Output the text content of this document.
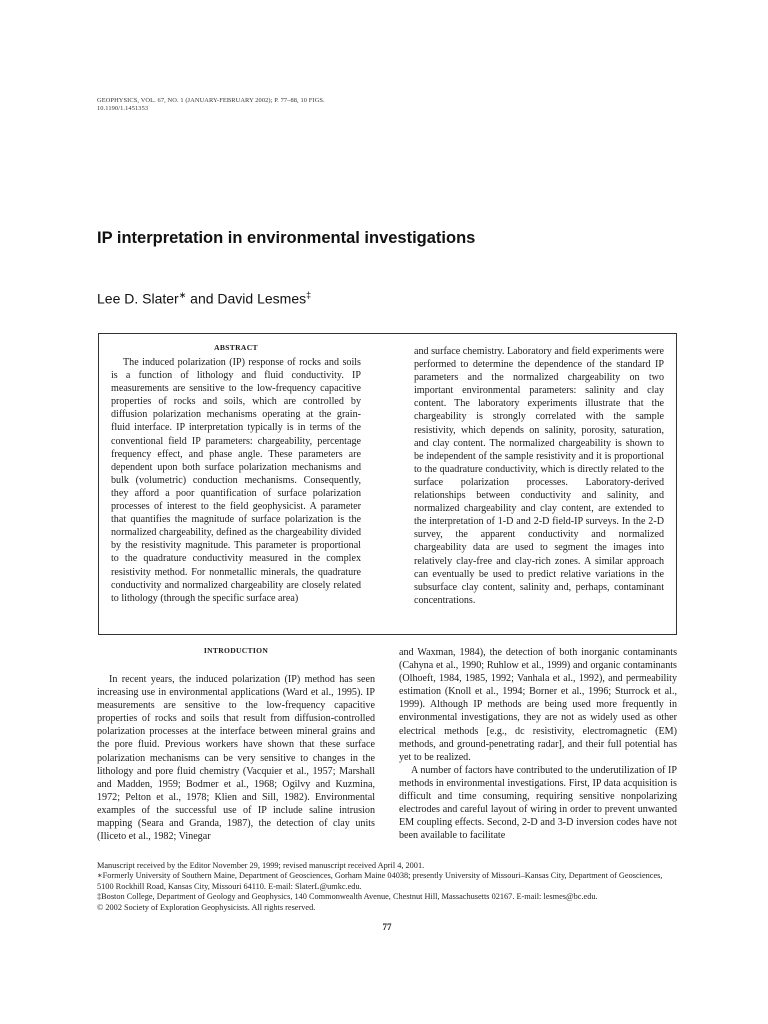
GEOPHYSICS, VOL. 67, NO. 1 (JANUARY-FEBRUARY 2002); P. 77–88, 10 FIGS.
10.1190/1.1451353
IP interpretation in environmental investigations
Lee D. Slater∗ and David Lesmes‡
ABSTRACT

The induced polarization (IP) response of rocks and soils is a function of lithology and fluid conductivity. IP measurements are sensitive to the low-frequency capacitive properties of rocks and soils, which are controlled by diffusion polarization mechanisms operating at the grain-fluid interface. IP interpretation typically is in terms of the conventional field IP parameters: chargeability, percentage frequency effect, and phase angle. These parameters are dependent upon both surface polarization mechanisms and bulk (volumetric) conduction mechanisms. Consequently, they afford a poor quantification of surface polarization processes of interest to the field geophysicist. A parameter that quantifies the magnitude of surface polarization is the normalized chargeability, defined as the chargeability divided by the resistivity magnitude. This parameter is proportional to the quadrature conductivity measured in the complex resistivity method. For nonmetallic minerals, the quadrature conductivity and normalized chargeability are closely related to lithology (through the specific surface area)

and surface chemistry. Laboratory and field experiments were performed to determine the dependence of the standard IP parameters and the normalized chargeability on two important environmental parameters: salinity and clay content. The laboratory experiments illustrate that the chargeability is strongly correlated with the sample resistivity, which depends on salinity, porosity, saturation, and clay content. The normalized chargeability is shown to be independent of the sample resistivity and it is proportional to the quadrature conductivity, which is directly related to the surface polarization processes. Laboratory-derived relationships between conductivity and salinity, and normalized chargeability and clay content, are extended to the interpretation of 1-D and 2-D field-IP surveys. In the 2-D survey, the apparent conductivity and normalized chargeability data are used to segment the images into relatively clay-free and clay-rich zones. A similar approach can eventually be used to predict relative variations in the subsurface clay content, salinity and, perhaps, contaminant concentrations.

INTRODUCTION

In recent years, the induced polarization (IP) method has seen increasing use in environmental applications (Ward et al., 1995). IP measurements are sensitive to the low-frequency capacitive properties of rocks and soils that result from diffusion-controlled polarization processes at the interface between mineral grains and the pore fluid. Previous workers have shown that these surface polarization mechanisms can be very sensitive to changes in the lithology and pore fluid chemistry (Vacquier et al., 1957; Marshall and Madden, 1959; Bodmer et al., 1968; Ogilvy and Kuzmina, 1972; Pelton et al., 1978; Klien and Sill, 1982). Environmental examples of the successful use of IP include saline intrusion mapping (Seara and Granda, 1987), the detection of clay units (Iliceto et al., 1982; Vinegar

and Waxman, 1984), the detection of both inorganic contaminants (Cahyna et al., 1990; Ruhlow et al., 1999) and organic contaminants (Olhoeft, 1984, 1985, 1992; Vanhala et al., 1992), and permeability estimation (Knoll et al., 1994; Borner et al., 1996; Sturrock et al., 1999). Although IP methods are being used more frequently in environmental investigations, they are not as widely used as other electrical methods [e.g., dc resistivity, electromagnetic (EM) methods, and ground-penetrating radar], and their full potential has yet to be realized.

A number of factors have contributed to the underutilization of IP methods in environmental investigations. First, IP data acquisition is difficult and time consuming, requiring sensitive nonpolarizing electrodes and careful layout of wiring in order to prevent unwanted EM coupling effects. Second, 2-D and 3-D inversion codes have not been available to facilitate

Manuscript received by the Editor November 29, 1999; revised manuscript received April 4, 2001.

∗Formerly University of Southern Maine, Department of Geosciences, Gorham Maine 04038; presently University of Missouri–Kansas City, Department of Geosciences, 5100 Rockhill Road, Kansas City, Missouri 64110. E-mail: SlaterL@umkc.edu.

‡Boston College, Department of Geology and Geophysics, 140 Commonwealth Avenue, Chestnut Hill, Massachusetts 02167. E-mail: lesmes@bc.edu.

© 2002 Society of Exploration Geophysicists. All rights reserved.

77
